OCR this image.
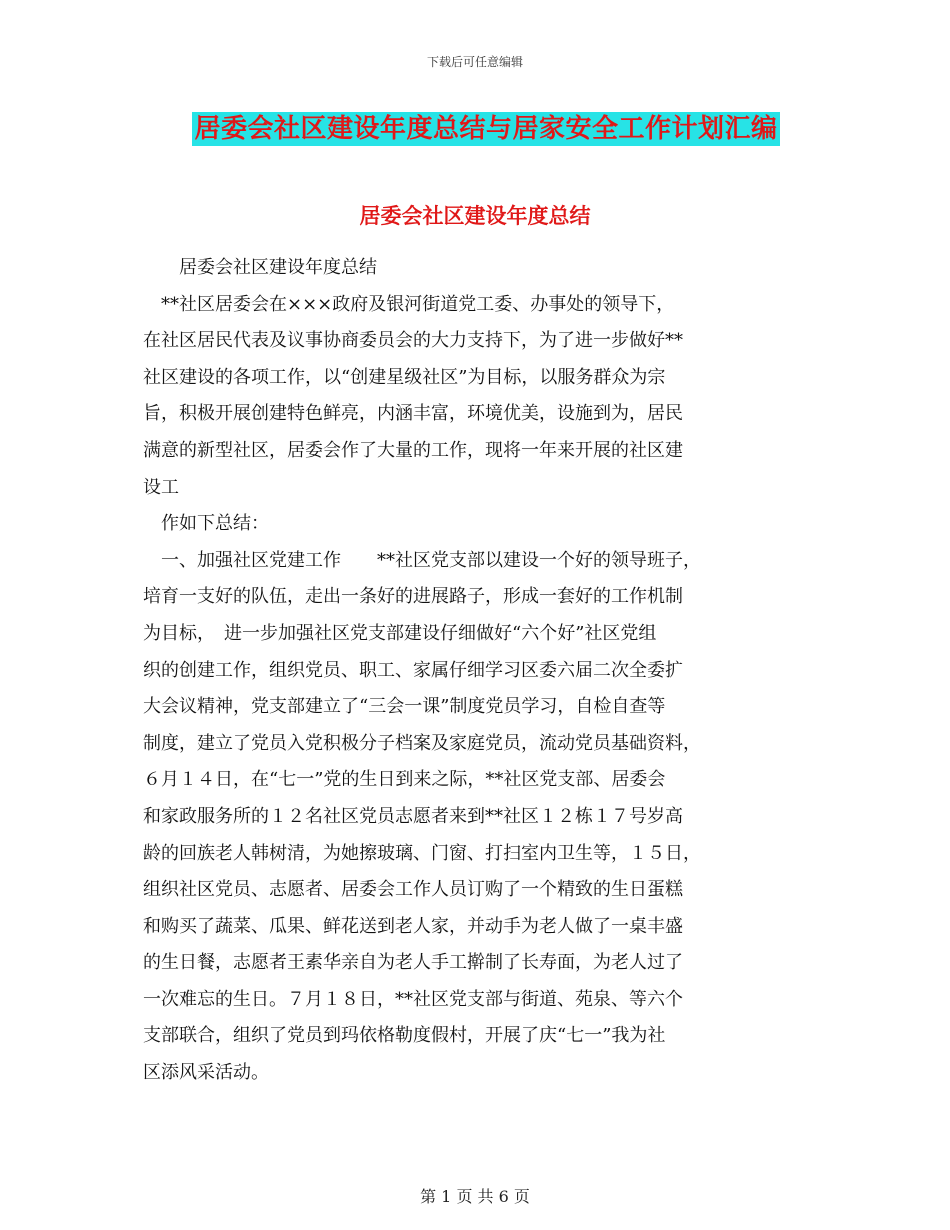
下载后可任意编辑
居委会社区建设年度总结与居家安全工作计划汇编
居委会社区建设年度总结

　　居委会社区建设年度总结

　**社区居委会在×××政府及银河街道党工委、办事处的领导下，

在社区居民代表及议事协商委员会的大力支持下，为了进一步做好**

社区建设的各项工作，以“创建星级社区”为目标，以服务群众为宗

旨，积极开展创建特色鲜亮，内涵丰富，环境优美，设施到为，居民

满意的新型社区，居委会作了大量的工作，现将一年来开展的社区建

设工

　作如下总结：

　一、加强社区党建工作　　**社区党支部以建设一个好的领导班子，

培育一支好的队伍，走出一条好的进展路子，形成一套好的工作机制

为目标，　进一步加强社区党支部建设仔细做好“六个好”社区党组

织的创建工作，组织党员、职工、家属仔细学习区委六届二次全委扩

大会议精神，党支部建立了“三会一课”制度党员学习，自检自查等

制度，建立了党员入党积极分子档案及家庭党员，流动党员基础资料，

６月１４日，在“七一”党的生日到来之际，**社区党支部、居委会

和家政服务所的１２名社区党员志愿者来到**社区１２栋１７号岁高

龄的回族老人韩树清，为她擦玻璃、门窗、打扫室内卫生等，１５日，

组织社区党员、志愿者、居委会工作人员订购了一个精致的生日蛋糕

和购买了蔬菜、瓜果、鲜花送到老人家，并动手为老人做了一桌丰盛

的生日餐，志愿者王素华亲自为老人手工擀制了长寿面，为老人过了

一次难忘的生日。７月１８日，**社区党支部与街道、苑泉、等六个

支部联合，组织了党员到玛依格勒度假村，开展了庆“七一”我为社

区添风采活动。

第 1 页 共 6 页
